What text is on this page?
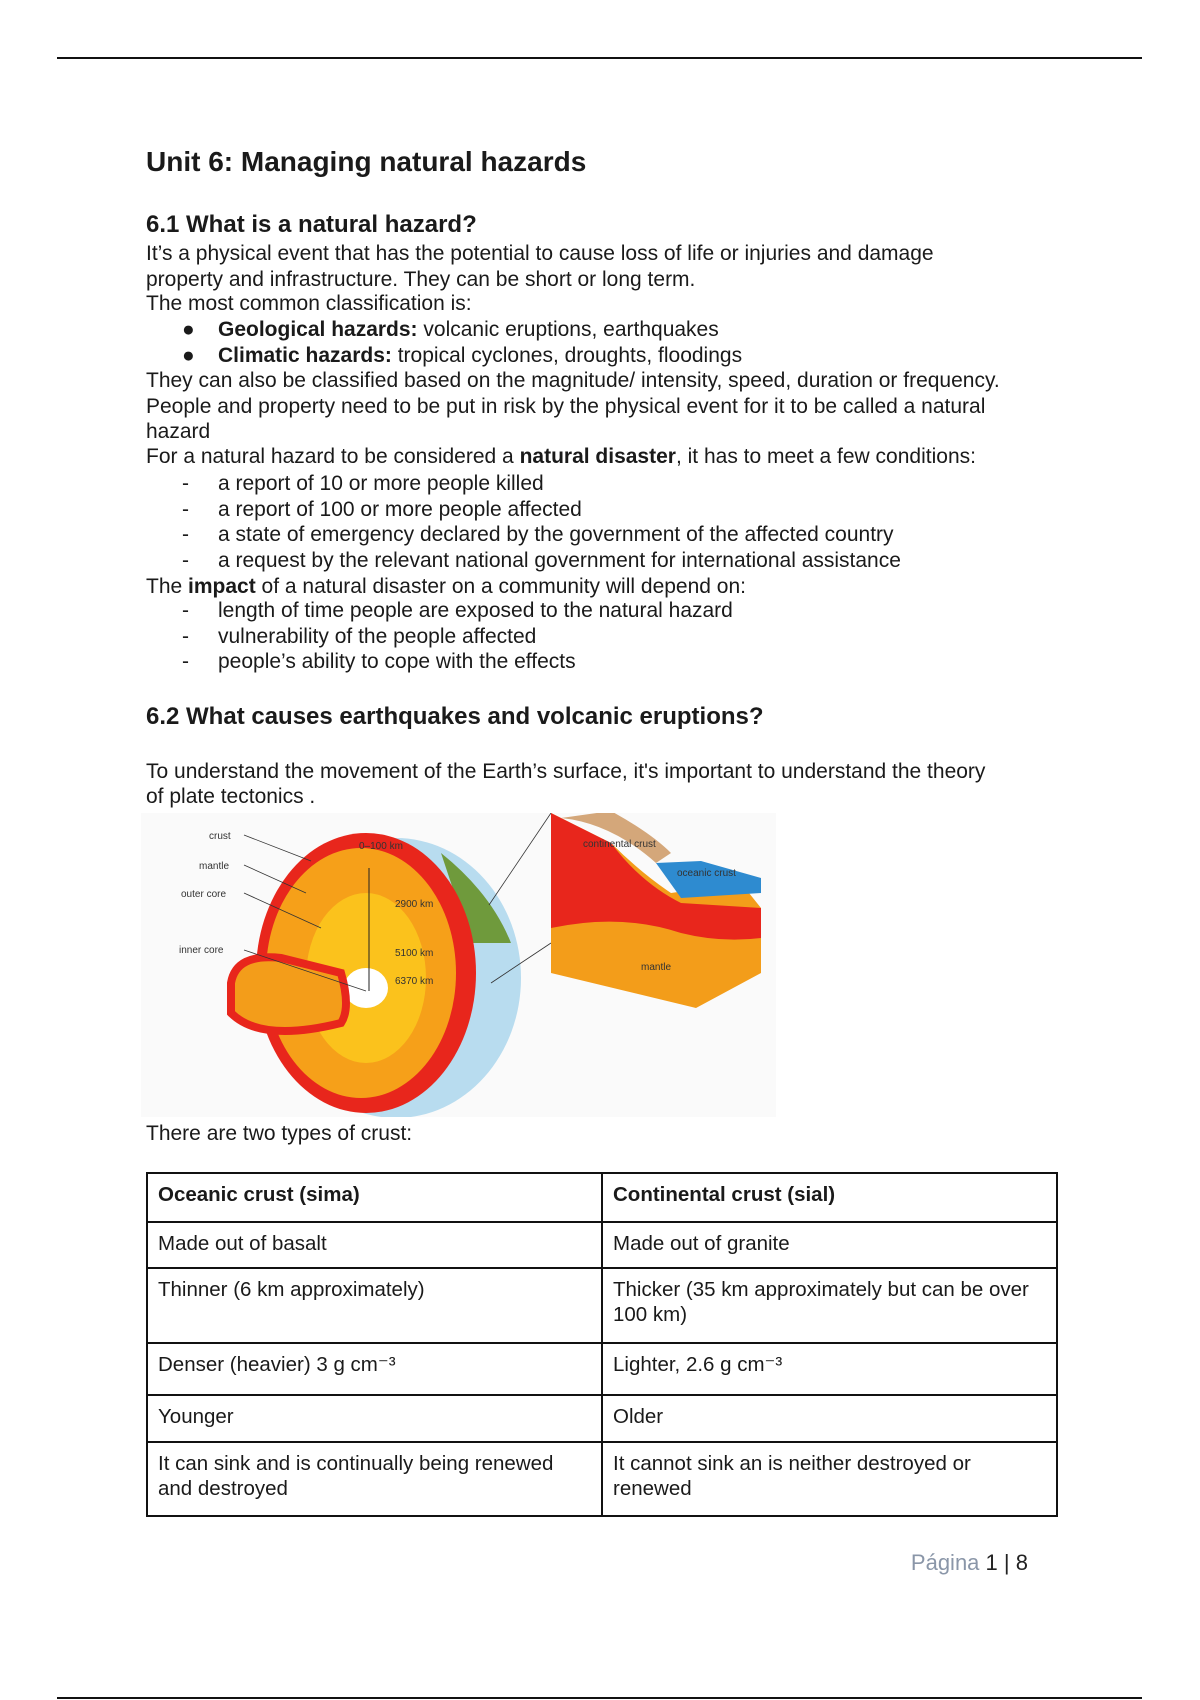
Unit 6: Managing natural hazards
6.1 What is a natural hazard?
It’s a physical event that has the potential to cause loss of life or injuries and damage
property and infrastructure. They can be short or long term.
The most common classification is:
● Geological hazards: volcanic eruptions, earthquakes
● Climatic hazards: tropical cyclones, droughts, floodings
They can also be classified based on the magnitude/ intensity, speed, duration or frequency.
People and property need to be put in risk by the physical event for it to be called a natural
hazard
For a natural hazard to be considered a natural disaster, it has to meet a few conditions:
- a report of 10 or more people killed
- a report of 100 or more people affected
- a state of emergency declared by the government of the affected country
- a request by the relevant national government for international assistance
The impact of a natural disaster on a community will depend on:
- length of time people are exposed to the natural hazard
- vulnerability of the people affected
- people’s ability to cope with the effects
6.2 What causes earthquakes and volcanic eruptions?
To understand the movement of the Earth’s surface, it's important to understand the theory
of plate tectonics .
crust
mantle
outer core
inner core
0–100 km
2900 km
5100 km
6370 km
continental crust
oceanic crust
mantle
There are two types of crust:
Oceanic crust (sima)	Continental crust (sial)
Made out of basalt	Made out of granite
Thinner (6 km approximately)	Thicker (35 km approximately but can be over 100 km)
Denser (heavier) 3 g cm⁻³	Lighter, 2.6 g cm⁻³
Younger	Older
It can sink and is continually being renewed and destroyed	It cannot sink an is neither destroyed or renewed
Página 1 | 8
